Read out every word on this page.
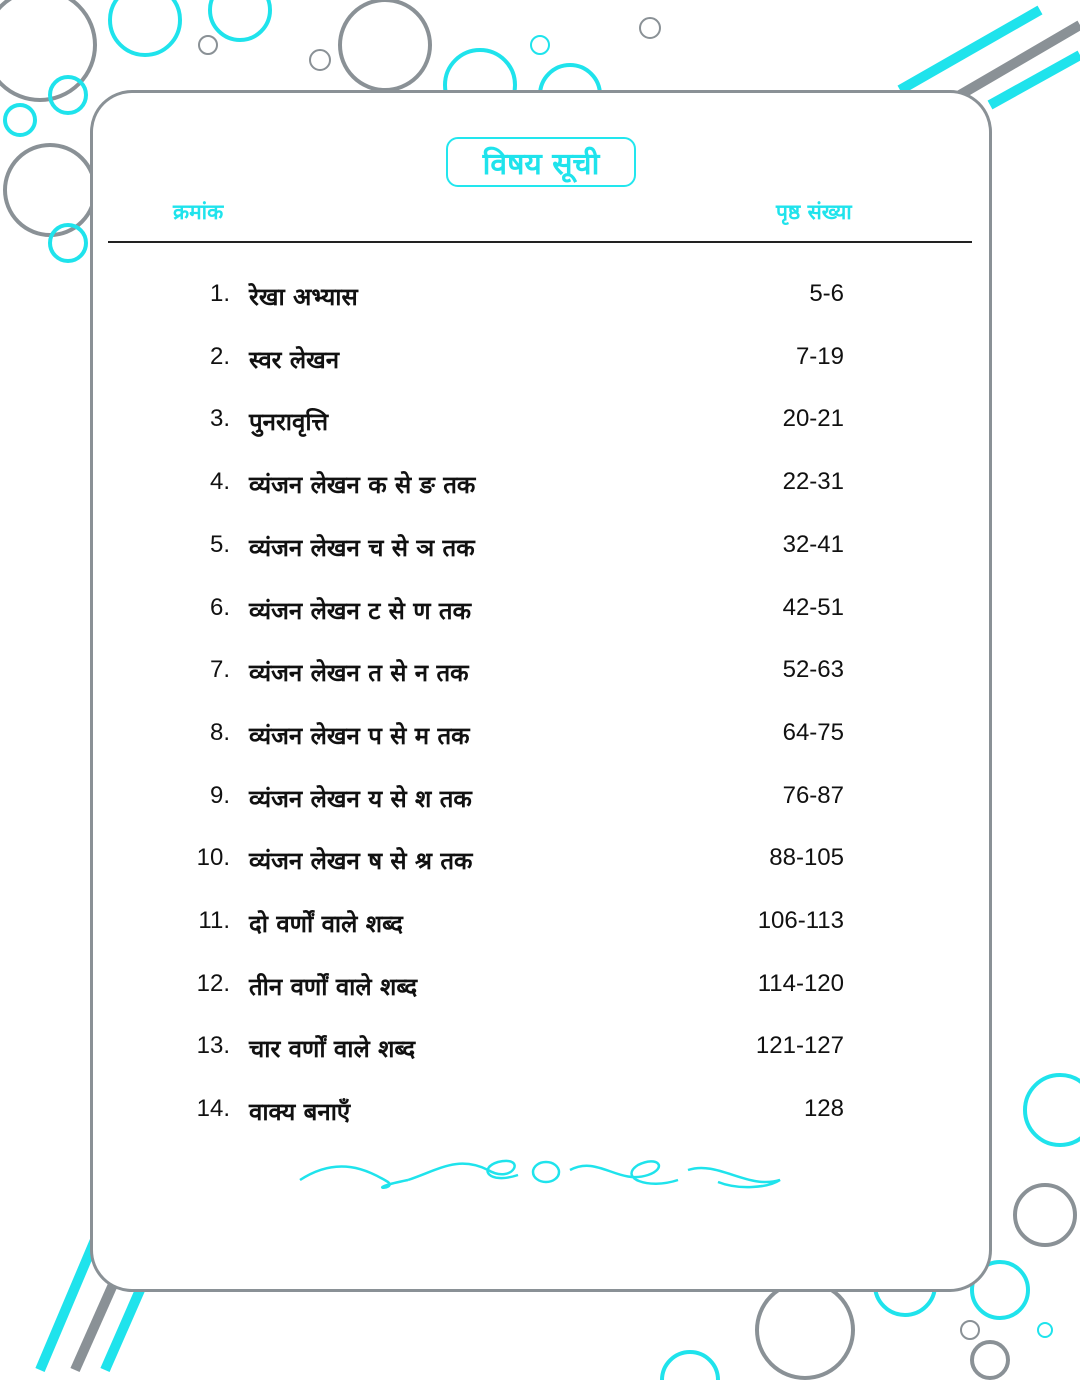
विषय सूची
क्रमांक	पृष्ठ संख्या
1. रेखा अभ्यास	5-6
2. स्वर लेखन	7-19
3. पुनरावृत्ति	20-21
4. व्यंजन लेखन क से ङ तक	22-31
5. व्यंजन लेखन च से ञ तक	32-41
6. व्यंजन लेखन ट से ण तक	42-51
7. व्यंजन लेखन त से न तक	52-63
8. व्यंजन लेखन प से म तक	64-75
9. व्यंजन लेखन य से श तक	76-87
10. व्यंजन लेखन ष से श्र तक	88-105
11. दो वर्णों वाले शब्द	106-113
12. तीन वर्णों वाले शब्द	114-120
13. चार वर्णों वाले शब्द	121-127
14. वाक्य बनाएँ	128
